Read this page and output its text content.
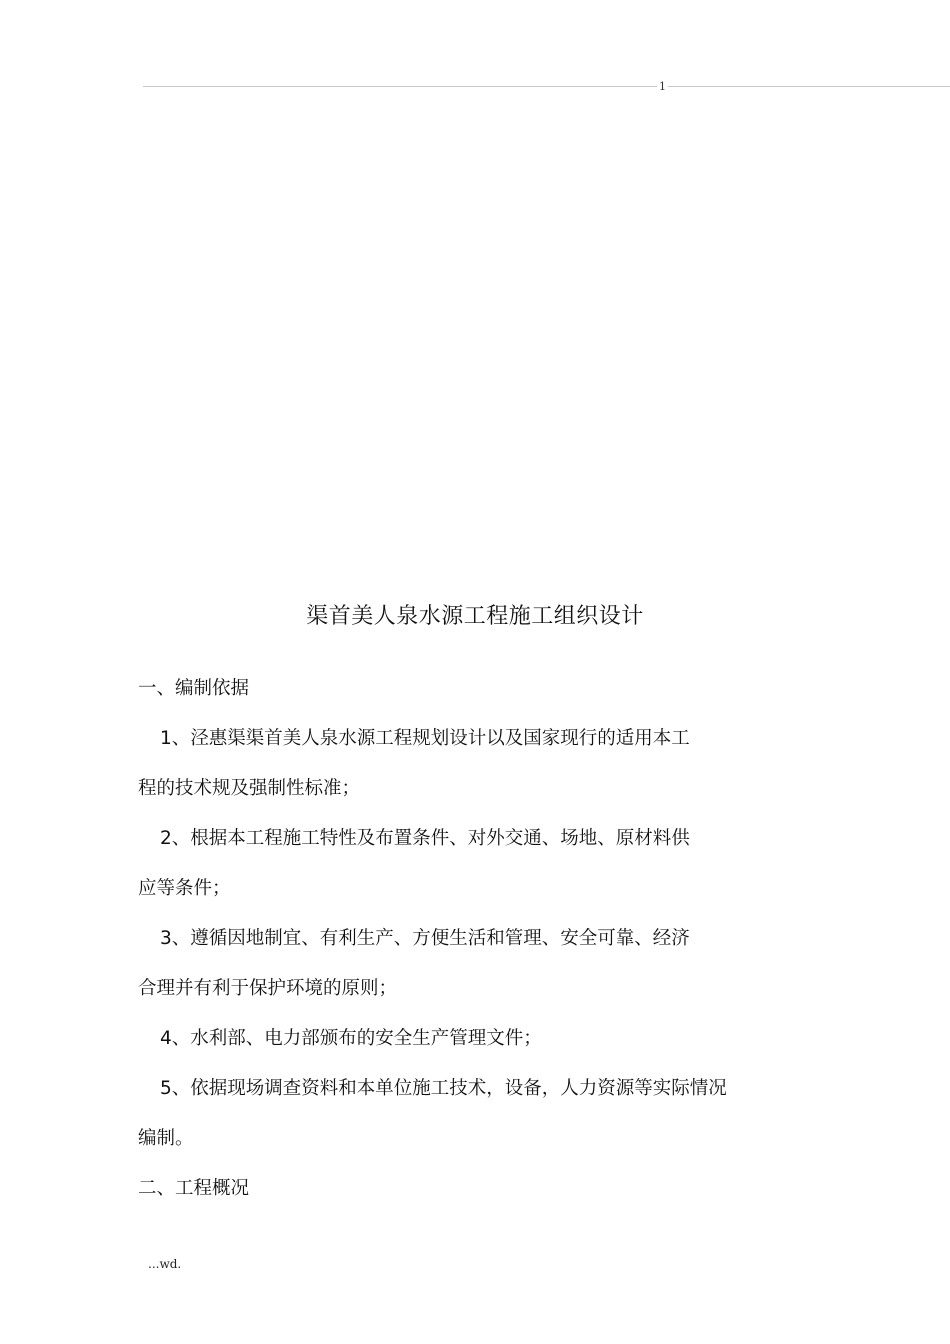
1
渠首美人泉水源工程施工组织设计
一、编制依据
1、泾惠渠渠首美人泉水源工程规划设计以及国家现行的适用本工
程的技术规及强制性标准；
2、根据本工程施工特性及布置条件、对外交通、场地、原材料供
应等条件；
3、遵循因地制宜、有利生产、方便生活和管理、安全可靠、经济
合理并有利于保护环境的原则；
4、水利部、电力部颁布的安全生产管理文件；
5、依据现场调查资料和本单位施工技术，设备，人力资源等实际情况
编制。
二、工程概况
...wd.
